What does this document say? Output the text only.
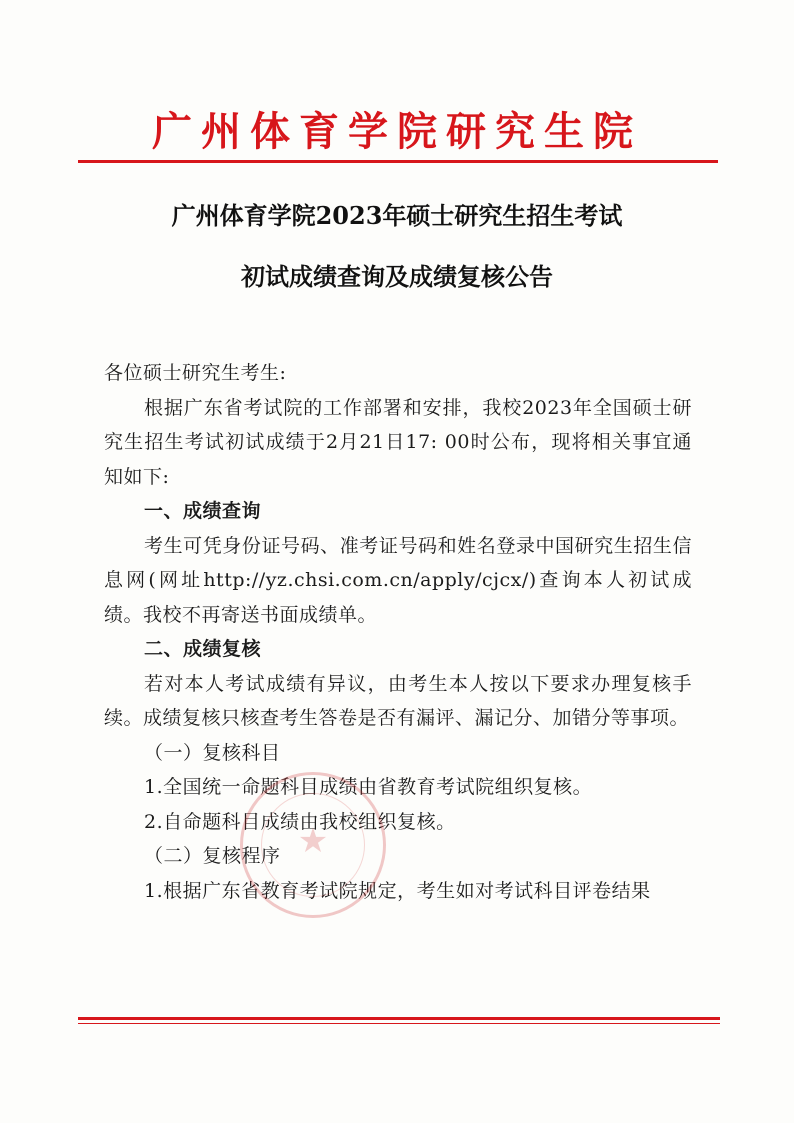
广州体育学院研究生院
广州体育学院2023年硕士研究生招生考试
初试成绩查询及成绩复核公告

各位硕士研究生考生:

根据广东省考试院的工作部署和安排，我校2023年全国硕士研究生招生考试初试成绩于2月21日17: 00时公布，现将相关事宜通知如下:

一、成绩查询

考生可凭身份证号码、准考证号码和姓名登录中国研究生招生信息网(网址http://yz.chsi.com.cn/apply/cjcx/)查询本人初试成绩。我校不再寄送书面成绩单。

二、成绩复核

若对本人考试成绩有异议，由考生本人按以下要求办理复核手续。成绩复核只核查考生答卷是否有漏评、漏记分、加错分等事项。

（一）复核科目

1.全国统一命题科目成绩由省教育考试院组织复核。

2.自命题科目成绩由我校组织复核。

（二）复核程序

1.根据广东省教育考试院规定，考生如对考试科目评卷结果

★
